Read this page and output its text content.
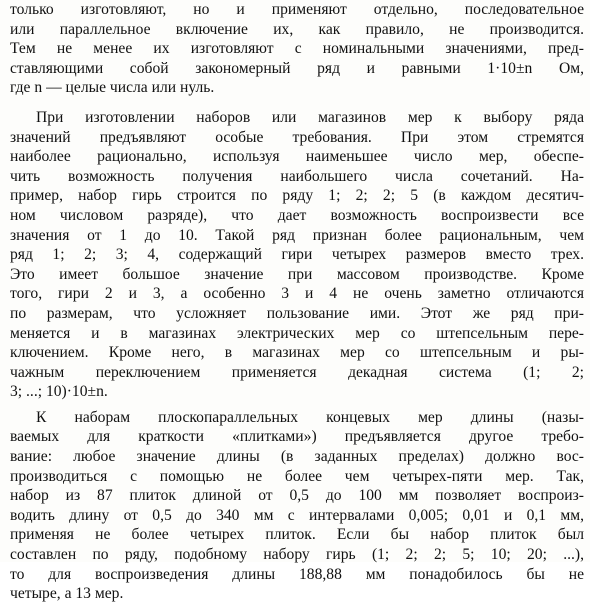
только изготовляют, но и применяют отдельно, последовательное
или параллельное включение их, как правило, не производится.
Тем не менее их изготовляют с номинальными значениями, пред-
ставляющими собой закономерный ряд и равными 1·10±n Ом,
где n — целые числа или нуль.
При изготовлении наборов или магазинов мер к выбору ряда
значений предъявляют особые требования. При этом стремятся
наиболее рационально, используя наименьшее число мер, обеспе-
чить возможность получения наибольшего числа сочетаний. На-
пример, набор гирь строится по ряду 1; 2; 2; 5 (в каждом десятич-
ном числовом разряде), что дает возможность воспроизвести все
значения от 1 до 10. Такой ряд признан более рациональным, чем
ряд 1; 2; 3; 4, содержащий гири четырех размеров вместо трех.
Это имеет большое значение при массовом производстве. Кроме
того, гири 2 и 3, а особенно 3 и 4 не очень заметно отличаются
по размерам, что усложняет пользование ими. Этот же ряд при-
меняется и в магазинах электрических мер со штепсельным пере-
ключением. Кроме него, в магазинах мер со штепсельным и ры-
чажным переключением применяется декадная система (1; 2;
3; ...; 10)·10±n.
К наборам плоскопараллельных концевых мер длины (назы-
ваемых для краткости «плитками») предъявляется другое требо-
вание: любое значение длины (в заданных пределах) должно вос-
производиться с помощью не более чем четырех-пяти мер. Так,
набор из 87 плиток длиной от 0,5 до 100 мм позволяет воспроиз-
водить длину от 0,5 до 340 мм с интервалами 0,005; 0,01 и 0,1 мм,
применяя не более четырех плиток. Если бы набор плиток был
составлен по ряду, подобному набору гирь (1; 2; 2; 5; 10; 20; ...),
то для воспроизведения длины 188,88 мм понадобилось бы не
четыре, а 13 мер.
